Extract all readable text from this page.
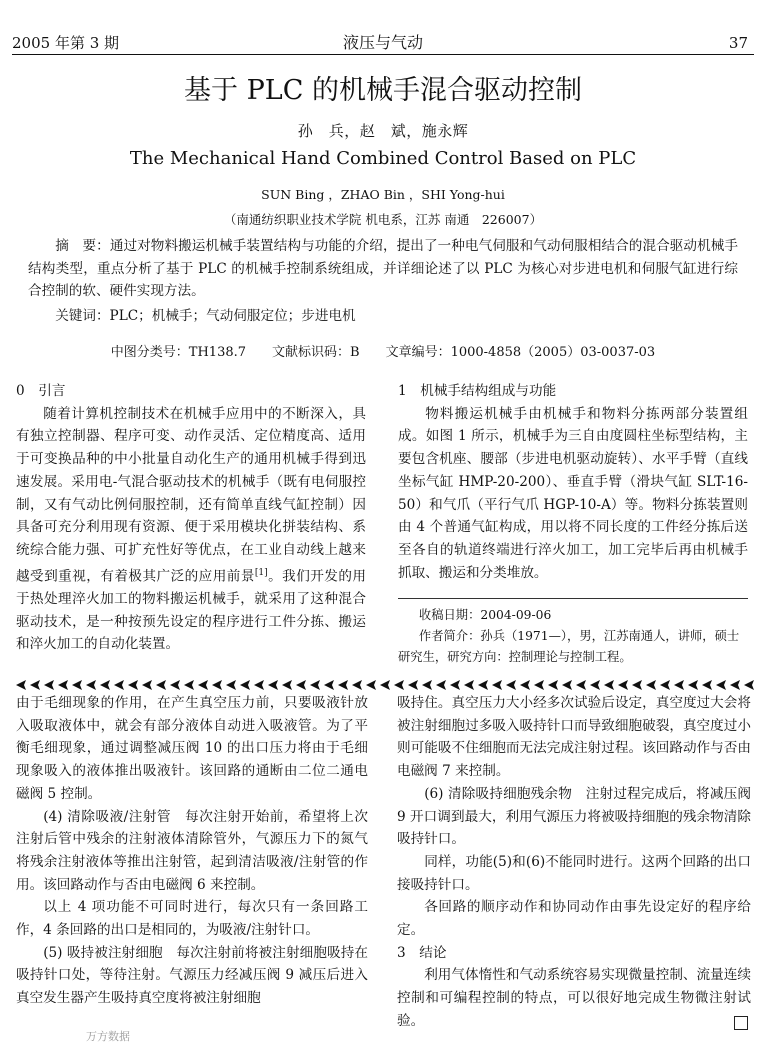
2005 年第 3 期	液压与气动	37
基于 PLC 的机械手混合驱动控制
孙　兵，赵　斌，施永辉
The Mechanical Hand Combined Control Based on PLC
SUN Bing ，ZHAO Bin ，SHI Yong-hui
（南通纺织职业技术学院 机电系，江苏 南通　226007）
摘　要：通过对物料搬运机械手装置结构与功能的介绍，提出了一种电气伺服和气动伺服相结合的混合驱动机械手结构类型，重点分析了基于 PLC 的机械手控制系统组成，并详细论述了以 PLC 为核心对步进电机和伺服气缸进行综合控制的软、硬件实现方法。
关键词：PLC；机械手；气动伺服定位；步进电机
中图分类号：TH138.7　　文献标识码：B　　文章编号：1000-4858（2005）03-0037-03

0　引言

随着计算机控制技术在机械手应用中的不断深入，具有独立控制器、程序可变、动作灵活、定位精度高、适用于可变换品种的中小批量自动化生产的通用机械手得到迅速发展。采用电-气混合驱动技术的机械手（既有电伺服控制，又有气动比例伺服控制，还有简单直线气缸控制）因具备可充分利用现有资源、便于采用模块化拼装结构、系统综合能力强、可扩充性好等优点，在工业自动线上越来越受到重视，有着极其广泛的应用前景[1]。我们开发的用于热处理淬火加工的物料搬运机械手，就采用了这种混合驱动技术，是一种按预先设定的程序进行工件分拣、搬运和淬火加工的自动化装置。

1　机械手结构组成与功能

物料搬运机械手由机械手和物料分拣两部分装置组成。如图 1 所示，机械手为三自由度圆柱坐标型结构，主要包含机座、腰部（步进电机驱动旋转）、水平手臂（直线坐标气缸 HMP-20-200）、垂直手臂（滑块气缸 SLT-16-50）和气爪（平行气爪 HGP-10-A）等。物料分拣装置则由 4 个普通气缸构成，用以将不同长度的工件经分拣后送至各自的轨道终端进行淬火加工，加工完毕后再由机械手抓取、搬运和分类堆放。

收稿日期：2004-09-06

作者简介：孙兵（1971—），男，江苏南通人，讲师，硕士研究生，研究方向：控制理论与控制工程。

由于毛细现象的作用，在产生真空压力前，只要吸液针放入吸取液体中，就会有部分液体自动进入吸液管。为了平衡毛细现象，通过调整减压阀 10 的出口压力将由于毛细现象吸入的液体推出吸液针。该回路的通断由二位二通电磁阀 5 控制。

(4) 清除吸液/注射管　每次注射开始前，希望将上次注射后管中残余的注射液体清除管外，气源压力下的氮气将残余注射液体等推出注射管，起到清洁吸液/注射管的作用。该回路动作与否由电磁阀 6 来控制。

以上 4 项功能不可同时进行，每次只有一条回路工作，4 条回路的出口是相同的，为吸液/注射针口。

(5) 吸持被注射细胞　每次注射前将被注射细胞吸持在吸持针口处，等待注射。气源压力经减压阀 9 减压后进入真空发生器产生吸持真空度将被注射细胞

吸持住。真空压力大小经多次试验后设定，真空度过大会将被注射细胞过多吸入吸持针口而导致细胞破裂，真空度过小则可能吸不住细胞而无法完成注射过程。该回路动作与否由电磁阀 7 来控制。

(6) 清除吸持细胞残余物　注射过程完成后，将减压阀 9 开口调到最大，利用气源压力将被吸持细胞的残余物清除吸持针口。

同样，功能(5)和(6)不能同时进行。这两个回路的出口接吸持针口。

各回路的顺序动作和协同动作由事先设定好的程序给定。

3　结论

利用气体惰性和气动系统容易实现微量控制、流量连续控制和可编程控制的特点，可以很好地完成生物微注射试验。

万方数据
